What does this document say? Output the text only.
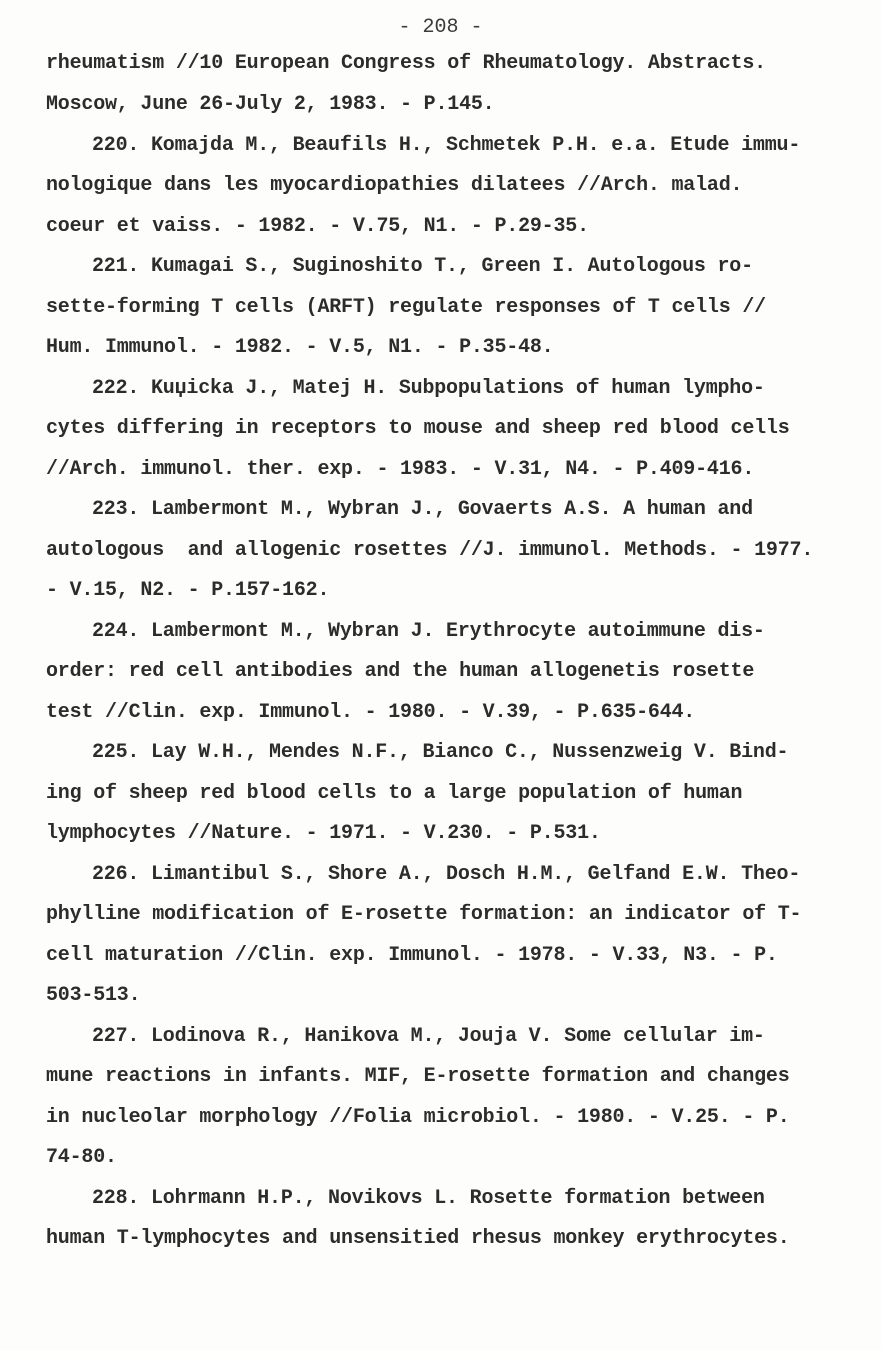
- 208 -
rheumatism //10 European Congress of Rheumatology. Abstracts.
Moscow, June 26-July 2, 1983. - P.145.
220. Komajda M., Beaufils H., Schmetek P.H. e.a. Etude immu-
nologique dans les myocardiopathies dilatees //Arch. malad.
coeur et vaiss. - 1982. - V.75, N1. - P.29-35.
221. Kumagai S., Suginoshito T., Green I. Autologous ro-
sette-forming T cells (ARFT) regulate responses of T cells //
Hum. Immunol. - 1982. - V.5, N1. - P.35-48.
222. Kuџicka J., Matej H. Subpopulations of human lympho-
cytes differing in receptors to mouse and sheep red blood cells
//Arch. immunol. ther. exp. - 1983. - V.31, N4. - P.409-416.
223. Lambermont M., Wybran J., Govaerts A.S. A human and
autologous  and allogenic rosettes //J. immunol. Methods. - 1977.
- V.15, N2. - P.157-162.
224. Lambermont M., Wybran J. Erythrocyte autoimmune dis-
order: red cell antibodies and the human allogenetis rosette
test //Clin. exp. Immunol. - 1980. - V.39, - P.635-644.
225. Lay W.H., Mendes N.F., Bianco C., Nussenzweig V. Bind-
ing of sheep red blood cells to a large population of human
lymphocytes //Nature. - 1971. - V.230. - P.531.
226. Limantibul S., Shore A., Dosch H.M., Gelfand E.W. Theo-
phylline modification of E-rosette formation: an indicator of T-
cell maturation //Clin. exp. Immunol. - 1978. - V.33, N3. - P.
503-513.
227. Lodinova R., Hanikova M., Jouja V. Some cellular im-
mune reactions in infants. MIF, E-rosette formation and changes
in nucleolar morphology //Folia microbiol. - 1980. - V.25. - P.
74-80.
228. Lohrmann H.P., Novikovs L. Rosette formation between
human T-lymphocytes and unsensitied rhesus monkey erythrocytes.
